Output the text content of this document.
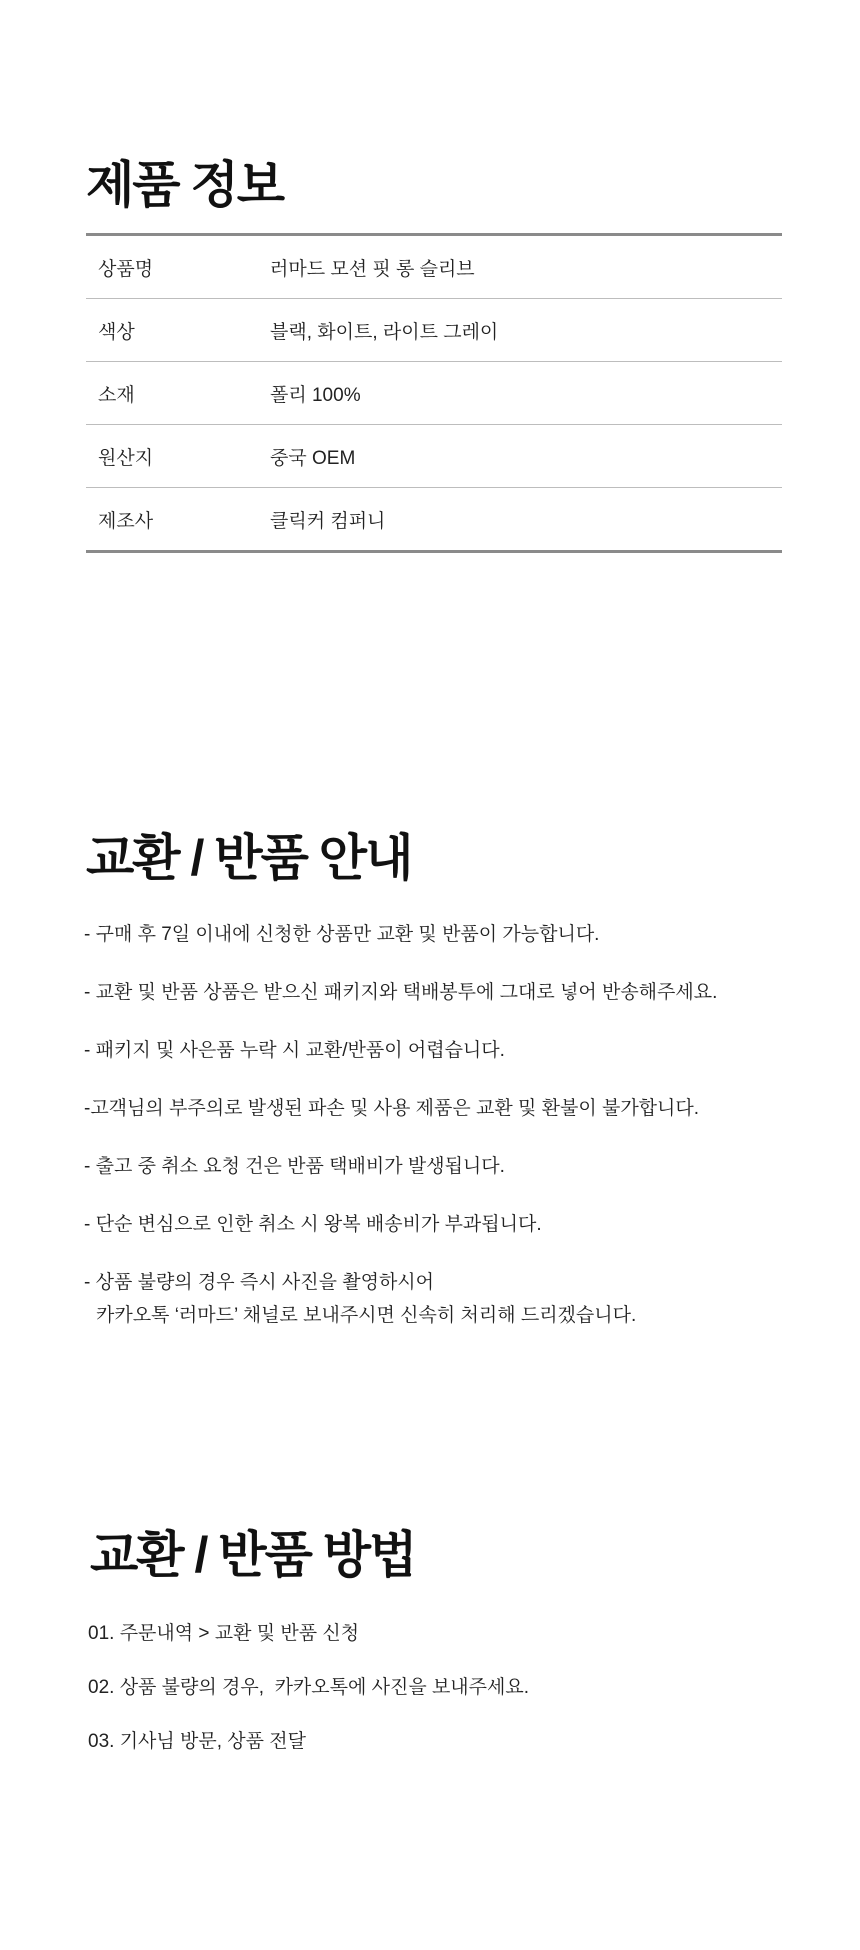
제품 정보
상품명	러마드 모션 핏 롱 슬리브
색상	블랙, 화이트, 라이트 그레이
소재	폴리 100%
원산지	중국 OEM
제조사	클릭커 컴퍼니
교환 / 반품 안내
- 구매 후 7일 이내에 신청한 상품만 교환 및 반품이 가능합니다.
- 교환 및 반품 상품은 받으신 패키지와 택배봉투에 그대로 넣어 반송해주세요.
- 패키지 및 사은품 누락 시 교환/반품이 어렵습니다.
-고객님의 부주의로 발생된 파손 및 사용 제품은 교환 및 환불이 불가합니다.
- 출고 중 취소 요청 건은 반품 택배비가 발생됩니다.
- 단순 변심으로 인한 취소 시 왕복 배송비가 부과됩니다.
- 상품 불량의 경우 즉시 사진을 촬영하시어
카카오톡 ‘러마드’ 채널로 보내주시면 신속히 처리해 드리겠습니다.
교환 / 반품 방법
01. 주문내역 > 교환 및 반품 신청
02. 상품 불량의 경우,  카카오톡에 사진을 보내주세요.
03. 기사님 방문, 상품 전달
